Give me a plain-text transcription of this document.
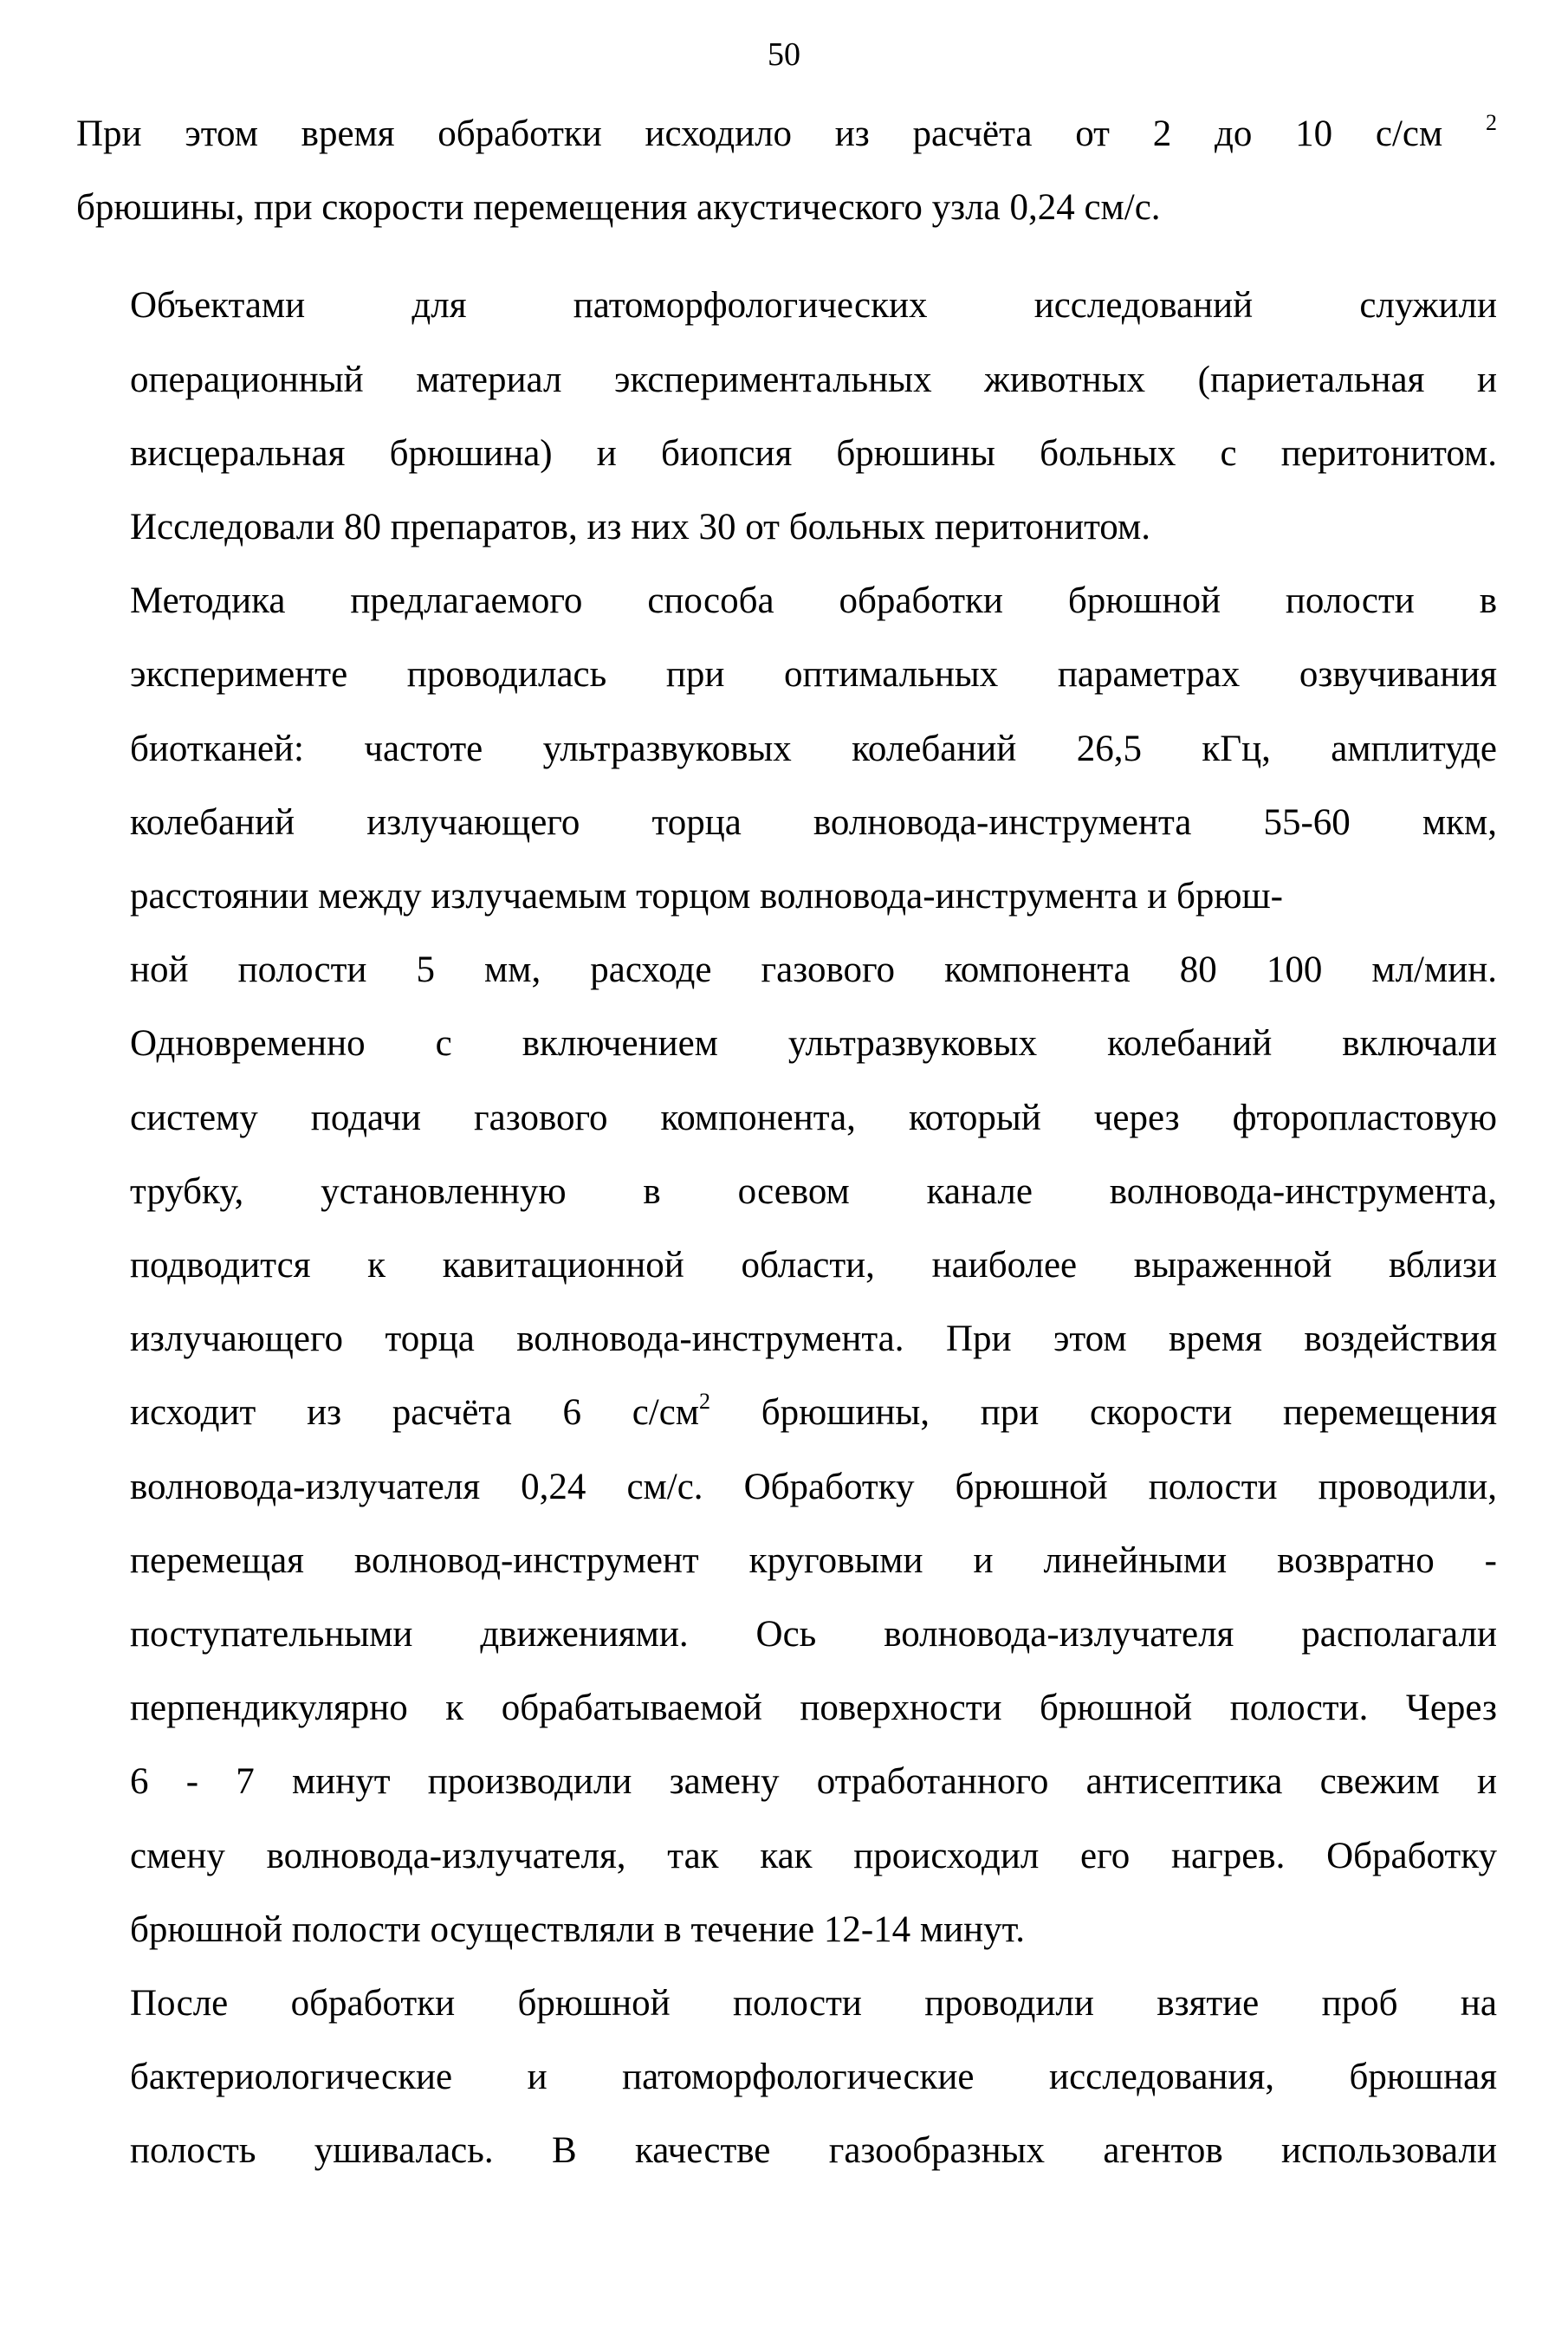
50

При этом время обработки исходило из расчёта от 2 до 10 с/см $^2$
брюшины, при скорости перемещения акустического узла 0,24 см/с.

Объектами для патоморфологических исследований служили
операционный материал экспериментальных животных (париетальная и
висцеральная брюшина) и биопсия брюшины больных с перитонитом.
Исследовали 80 препаратов, из них 30 от больных перитонитом.

Методика предлагаемого способа обработки брюшной полости в
эксперименте проводилась при оптимальных параметрах озвучивания
биотканей: частоте ультразвуковых колебаний 26,5 кГц, амплитуде
колебаний излучающего торца волновода-инструмента 55-60 мкм,
расстоянии между излучаемым торцом волновода-инструмента и брюш-
ной полости 5 мм, расходе газового компонента 80 100 мл/мин.
Одновременно с включением ультразвуковых колебаний включали
систему подачи газового компонента, который через фторопластовую
трубку, установленную в осевом канале волновода-инструмента,
подводится к кавитационной области, наиболее выраженной вблизи
излучающего торца волновода-инструмента. При этом время воздействия
исходит из расчёта 6 $с/см^2$ брюшины, при скорости перемещения
волновода-излучателя 0,24 см/с. Обработку брюшной полости проводили,
перемещая волновод-инструмент круговыми и линейными возвратно -
поступательными движениями. Ось волновода-излучателя располагали
перпендикулярно к обрабатываемой поверхности брюшной полости. Через
6 - 7 минут производили замену отработанного антисептика свежим и
смену волновода-излучателя, так как происходил его нагрев. Обработку
брюшной полости осуществляли в течение 12-14 минут.

После обработки брюшной полости проводили взятие проб на
бактериологические и патоморфологические исследования, брюшная
полость ушивалась. В качестве газообразных агентов использовали
